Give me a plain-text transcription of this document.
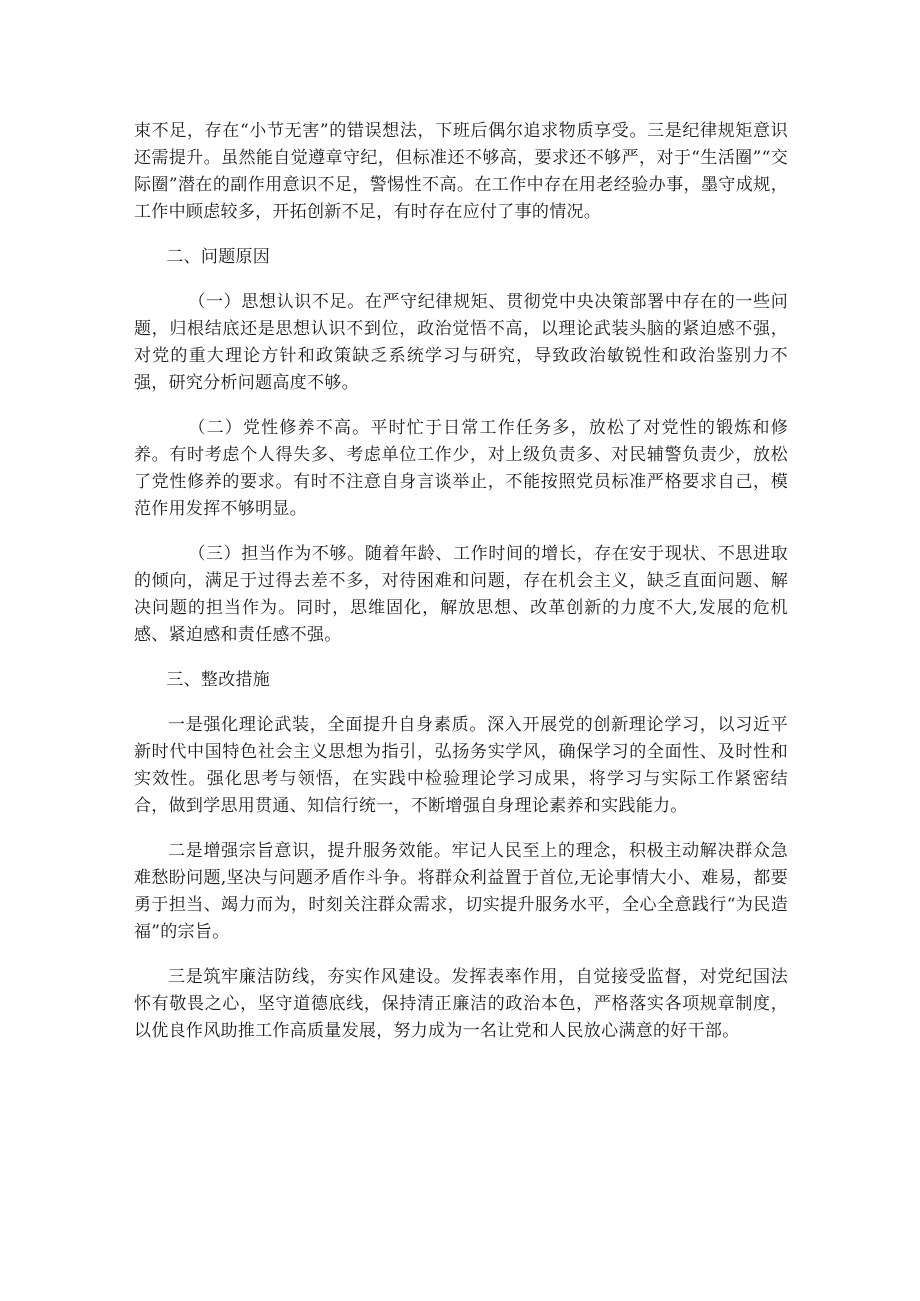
束不足，存在“小节无害”的错误想法，下班后偶尔追求物质享受。三是纪律规矩意识还需提升。虽然能自觉遵章守纪，但标准还不够高，要求还不够严，对于“生活圈”“交际圈”潜在的副作用意识不足，警惕性不高。在工作中存在用老经验办事，墨守成规，工作中顾虑较多，开拓创新不足，有时存在应付了事的情况。

二、问题原因

（一）思想认识不足。在严守纪律规矩、贯彻党中央决策部署中存在的一些问题，归根结底还是思想认识不到位，政治觉悟不高，以理论武装头脑的紧迫感不强，对党的重大理论方针和政策缺乏系统学习与研究，导致政治敏锐性和政治鉴别力不强，研究分析问题高度不够。

（二）党性修养不高。平时忙于日常工作任务多，放松了对党性的锻炼和修养。有时考虑个人得失多、考虑单位工作少，对上级负责多、对民辅警负责少，放松了党性修养的要求。有时不注意自身言谈举止，不能按照党员标准严格要求自己，模范作用发挥不够明显。

（三）担当作为不够。随着年龄、工作时间的增长，存在安于现状、不思进取的倾向，满足于过得去差不多，对待困难和问题，存在机会主义，缺乏直面问题、解决问题的担当作为。同时，思维固化，解放思想、改革创新的力度不大,发展的危机感、紧迫感和责任感不强。

三、整改措施

一是强化理论武装，全面提升自身素质。深入开展党的创新理论学习，以习近平新时代中国特色社会主义思想为指引，弘扬务实学风，确保学习的全面性、及时性和实效性。强化思考与领悟，在实践中检验理论学习成果，将学习与实际工作紧密结合，做到学思用贯通、知信行统一，不断增强自身理论素养和实践能力。

二是增强宗旨意识，提升服务效能。牢记人民至上的理念，积极主动解决群众急难愁盼问题,坚决与问题矛盾作斗争。将群众利益置于首位,无论事情大小、难易，都要勇于担当、竭力而为，时刻关注群众需求，切实提升服务水平，全心全意践行“为民造福”的宗旨。

三是筑牢廉洁防线，夯实作风建设。发挥表率作用，自觉接受监督，对党纪国法怀有敬畏之心，坚守道德底线，保持清正廉洁的政治本色，严格落实各项规章制度，以优良作风助推工作高质量发展，努力成为一名让党和人民放心满意的好干部。
